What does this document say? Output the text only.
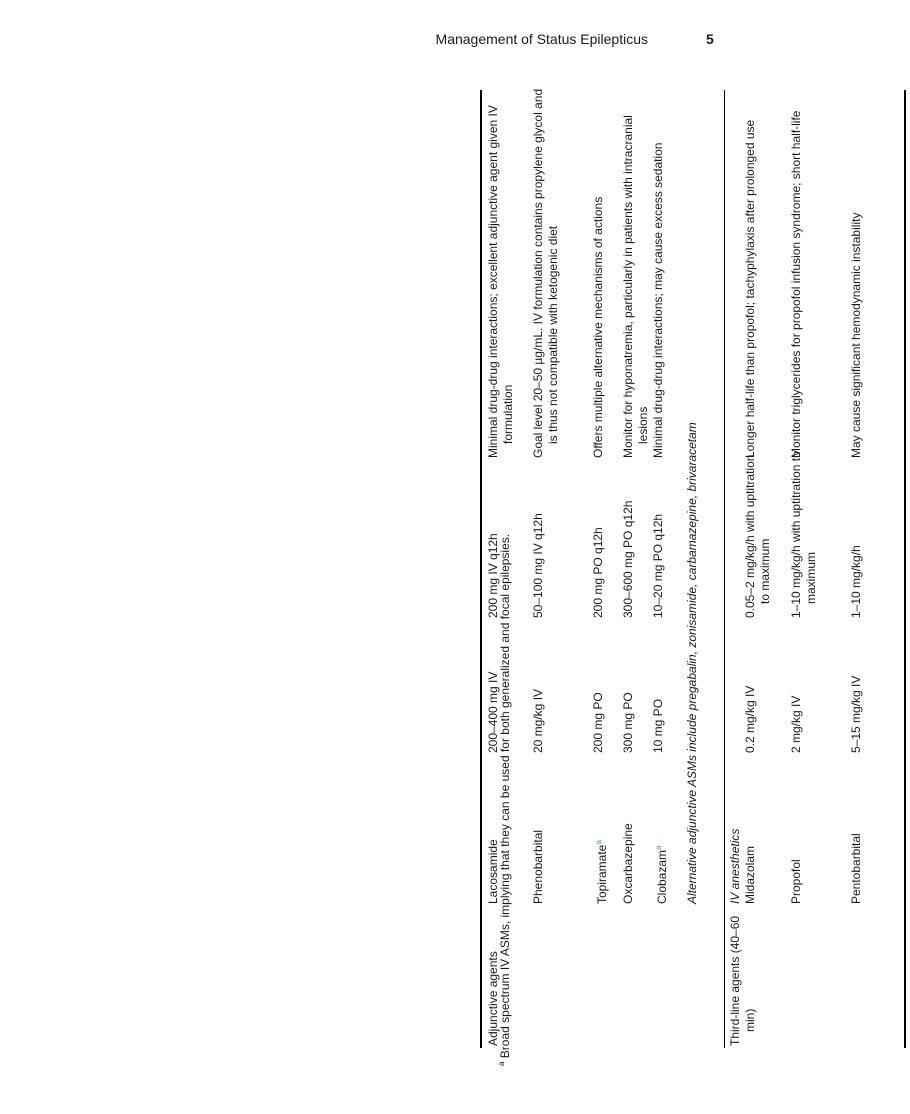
Management of Status Epilepticus	5
Adjunctive agents
Lacosamide
200–400 mg IV
200 mg IV q12h
Minimal drug-drug interactions; excellent adjunctive agent given IV formulation
Phenobarbital
20 mg/kg IV
50–100 mg IV q12h
Goal level 20–50 µg/mL. IV formulation contains propylene glycol and is thus not compatible with ketogenic diet
Topiramate$^a$
200 mg PO
200 mg PO q12h
Offers multiple alternative mechanisms of actions
Oxcarbazepine
300 mg PO
300–600 mg PO q12h
Monitor for hyponatremia, particularly in patients with intracranial lesions
Clobazam$^a$
10 mg PO
10–20 mg PO q12h
Minimal drug-drug interactions; may cause excess sedation
Alternative adjunctive ASMs include pregabalin, zonisamide, carbamazepine, brivaracetam
Third-line agents (40–60 min)
IV anesthetics Midazolam
0.2 mg/kg IV
0.05–2 mg/kg/h with uptitration to maximum
Longer half-life than propofol; tachyphylaxis after prolonged use
Propofol
2 mg/kg IV
1–10 mg/kg/h with uptitration to maximum
Monitor triglycerides for propofol infusion syndrome; short half-life
Pentobarbital
5–15 mg/kg IV
1–10 mg/kg/h
May cause significant hemodynamic instability
$^a$ Broad spectrum IV ASMs, implying that they can be used for both generalized and focal epilepsies.
